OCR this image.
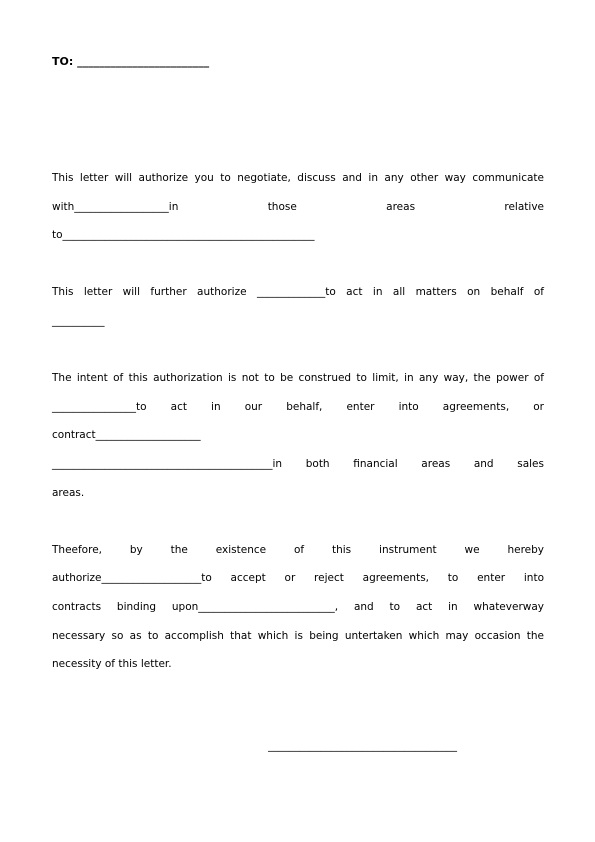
TO: ________________________

This letter will authorize you to negotiate, discuss and in any other way communicate

with__________________in those areas relative

to________________________________________________

This letter will further authorize _____________to act in all matters on behalf of

__________

The intent of this authorization is not to be construed to limit, in any way, the power of

________________to act in our behalf, enter into agreements, or

contract____________________

__________________________________________in both financial areas and sales

areas.

Theefore, by the existence of this instrument we hereby

authorize___________________to accept or reject agreements, to enter into

contracts binding upon__________________________, and to act in whateverway

necessary so as to accomplish that which is being untertaken which may occasion the

necessity of this letter.

____________________________________
